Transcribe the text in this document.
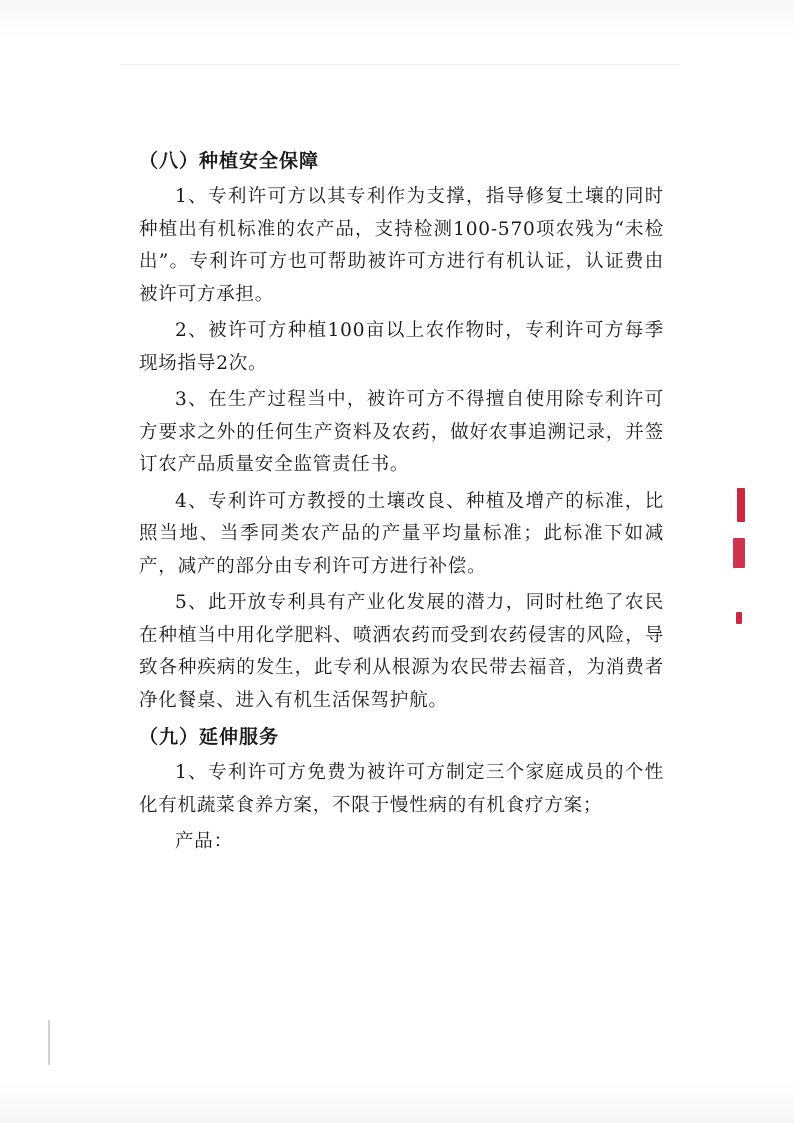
（八）种植安全保障

1、专利许可方以其专利作为支撑，指导修复土壤的同时种植出有机标准的农产品，支持检测100-570项农残为“未检出”。专利许可方也可帮助被许可方进行有机认证，认证费由被许可方承担。

2、被许可方种植100亩以上农作物时，专利许可方每季现场指导2次。

3、在生产过程当中，被许可方不得擅自使用除专利许可方要求之外的任何生产资料及农药，做好农事追溯记录，并签订农产品质量安全监管责任书。

4、专利许可方教授的土壤改良、种植及增产的标准，比照当地、当季同类农产品的产量平均量标准；此标准下如减产，减产的部分由专利许可方进行补偿。

5、此开放专利具有产业化发展的潜力，同时杜绝了农民在种植当中用化学肥料、喷洒农药而受到农药侵害的风险，导致各种疾病的发生，此专利从根源为农民带去福音，为消费者净化餐桌、进入有机生活保驾护航。

（九）延伸服务

1、专利许可方免费为被许可方制定三个家庭成员的个性化有机蔬菜食养方案，不限于慢性病的有机食疗方案；

产品：
